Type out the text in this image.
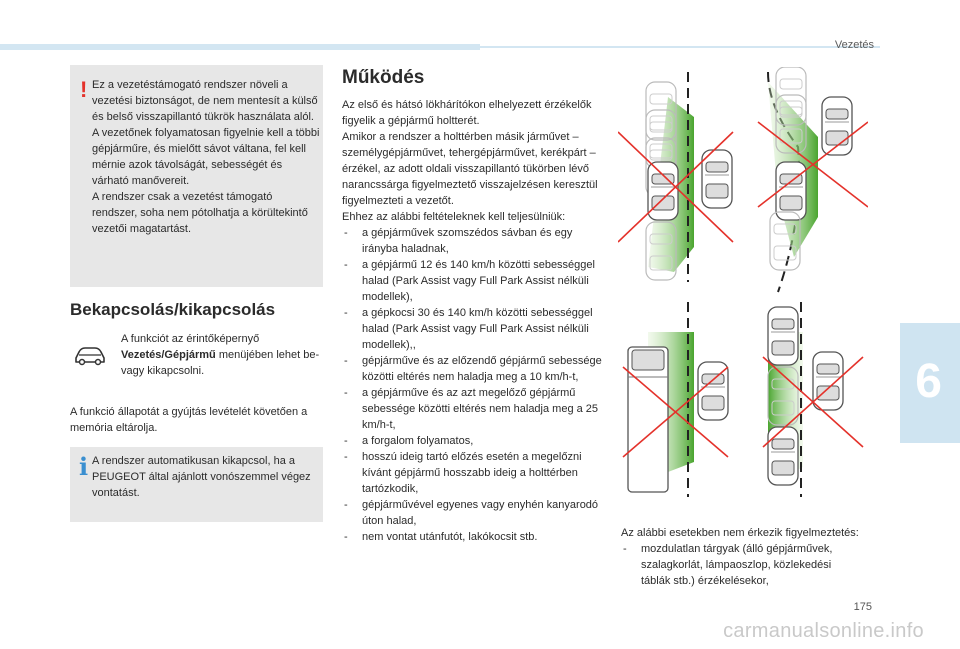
Vezetés
6
! Ez a vezetéstámogató rendszer növeli a vezetési biztonságot, de nem mentesít a külső és belső visszapillantó tükrök használata alól. A vezetőnek folyamatosan figyelnie kell a többi gépjárműre, és mielőtt sávot váltana, fel kell mérnie azok távolságát, sebességét és várható manővereit.

A rendszer csak a vezetést támogató rendszer, soha nem pótolhatja a körültekintő vezetői magatartást.

Bekapcsolás/kikapcsolás
A funkciót az érintőképernyő Vezetés/Gépjármű menüjében lehet be- vagy kikapcsolni.
A funkció állapotát a gyújtás levételét követően a memória eltárolja.
i A rendszer automatikusan kikapcsol, ha a PEUGEOT által ajánlott vonószemmel végez vontatást.
Működés

Az első és hátsó lökhárítókon elhelyezett érzékelők figyelik a gépjármű holtterét.

Amikor a rendszer a holttérben másik járművet – személygépjárművet, tehergépjárművet, kerékpárt – érzékel, az adott oldali visszapillantó tükörben lévő narancssárga figyelmeztető visszajelzésen keresztül figyelmezteti a vezetőt.

Ehhez az alábbi feltételeknek kell teljesülniük:

- a gépjárművek szomszédos sávban és egy irányba haladnak,
- a gépjármű 12 és 140 km/h közötti sebességgel halad (Park Assist vagy Full Park Assist nélküli modellek),
- a gépkocsi 30 és 140 km/h közötti sebességgel halad (Park Assist vagy Full Park Assist nélküli modellek),,
- gépjárműve és az előzendő gépjármű sebessége közötti eltérés nem haladja meg a 10 km/h-t,
- a gépjárműve és az azt megelőző gépjármű sebessége közötti eltérés nem haladja meg a 25 km/h-t,
- a forgalom folyamatos,
- hosszú ideig tartó előzés esetén a megelőzni kívánt gépjármű hosszabb ideig a holttérben tartózkodik,
- gépjárművével egyenes vagy enyhén kanyarodó úton halad,
- nem vontat utánfutót, lakókocsit stb.	Az alábbi esetekben nem érkezik figyelmeztetés:

- mozdulatlan tárgyak (álló gépjárművek, szalagkorlát, lámpaoszlop, közlekedési táblák stb.) érzékelésekor,
175
carmanualsonline.info
